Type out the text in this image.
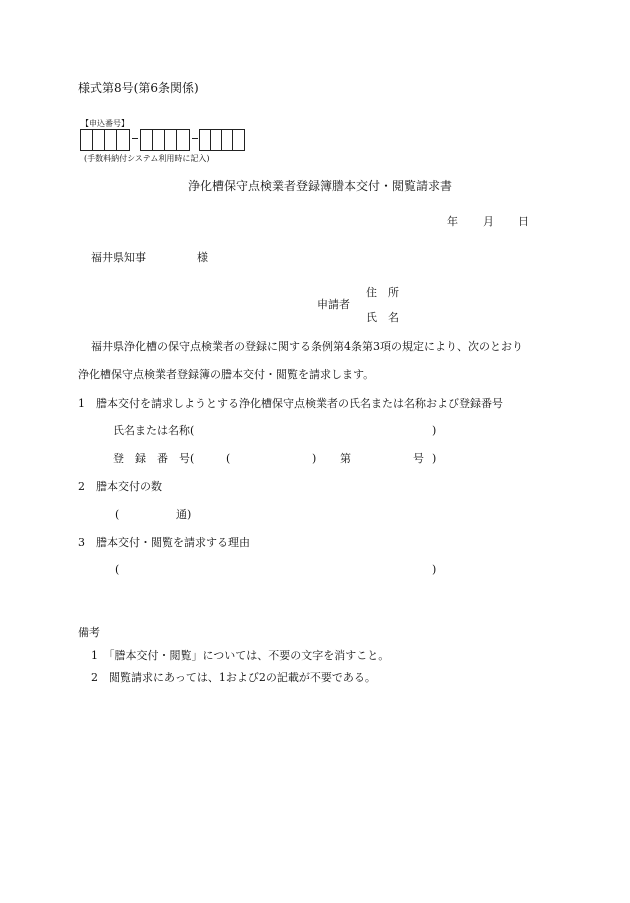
様式第8号(第6条関係)
【申込番号】
(手数料納付システム利用時に記入)
浄化槽保守点検業者登録簿謄本交付・閲覧請求書
年 月 日
福井県知事	様
住　所
申請者
氏　名
福井県浄化槽の保守点検業者の登録に関する条例第4条第3項の規定により、次のとおり
浄化槽保守点検業者登録簿の謄本交付・閲覧を請求します。
1　謄本交付を請求しようとする浄化槽保守点検業者の氏名または名称および登録番号
氏名または名称(	)
登　録　番　号(	(	) 第	号 )
2　謄本交付の数
(	通)
3　謄本交付・閲覧を請求する理由
(	)
備考
1　「謄本交付・閲覧」については、不要の文字を消すこと。
2　閲覧請求にあっては、1および2の記載が不要である。
